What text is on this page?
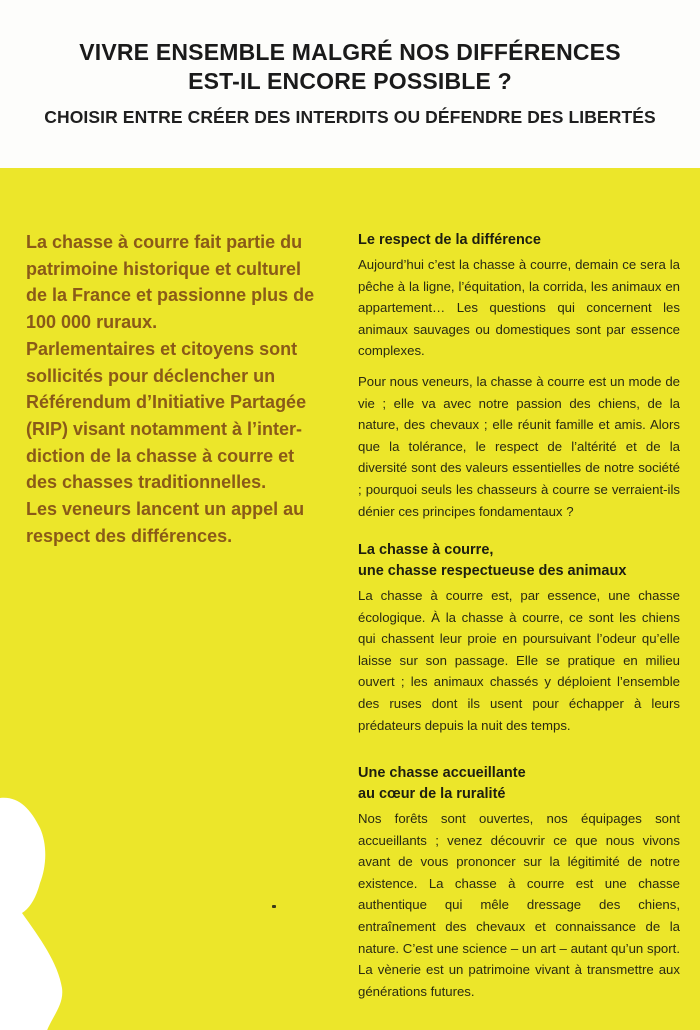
VIVRE ENSEMBLE MALGRÉ NOS DIFFÉRENCES
EST-IL ENCORE POSSIBLE ?
CHOISIR ENTRE CRÉER DES INTERDITS OU DÉFENDRE DES LIBERTÉS

La chasse à courre fait partie du

patrimoine historique et culturel

de la France et passionne plus de

100 000 ruraux.

Parlementaires et citoyens sont

sollicités pour déclencher un

Référendum d’Initiative Partagée

(RIP) visant notamment à l’inter-

diction de la chasse à courre et

des chasses traditionnelles.

Les veneurs lancent un appel au

respect des différences.

Le respect de la différence

Aujourd’hui c’est la chasse à courre, demain ce sera la pêche à la ligne, l’équitation, la corrida, les animaux en appartement… Les questions qui concernent les animaux sauvages ou domestiques sont par essence complexes.

Pour nous veneurs, la chasse à courre est un mode de vie ; elle va avec notre passion des chiens, de la nature, des chevaux ; elle réunit famille et amis. Alors que la tolérance, le respect de l’altérité et de la diversité sont des valeurs essentielles de notre société ; pourquoi seuls les chasseurs à courre se verraient-ils dénier ces principes fondamentaux ?

La chasse à courre,
une chasse respectueuse des animaux

La chasse à courre est, par essence, une chasse écologique. À la chasse à courre, ce sont les chiens qui chassent leur proie en poursuivant l’odeur qu’elle laisse sur son passage. Elle se pratique en milieu ouvert ; les animaux chassés y déploient l’ensemble des ruses dont ils usent pour échapper à leurs prédateurs depuis la nuit des temps.

Une chasse accueillante
au cœur de la ruralité

Nos forêts sont ouvertes, nos équipages sont accueillants ; venez découvrir ce que nous vivons avant de vous prononcer sur la légitimité de notre existence. La chasse à courre est une chasse authentique qui mêle dressage des chiens, entraînement des chevaux et connaissance de la nature. C’est une science – un art – autant qu’un sport. La vènerie est un patrimoine vivant à transmettre aux générations futures.
